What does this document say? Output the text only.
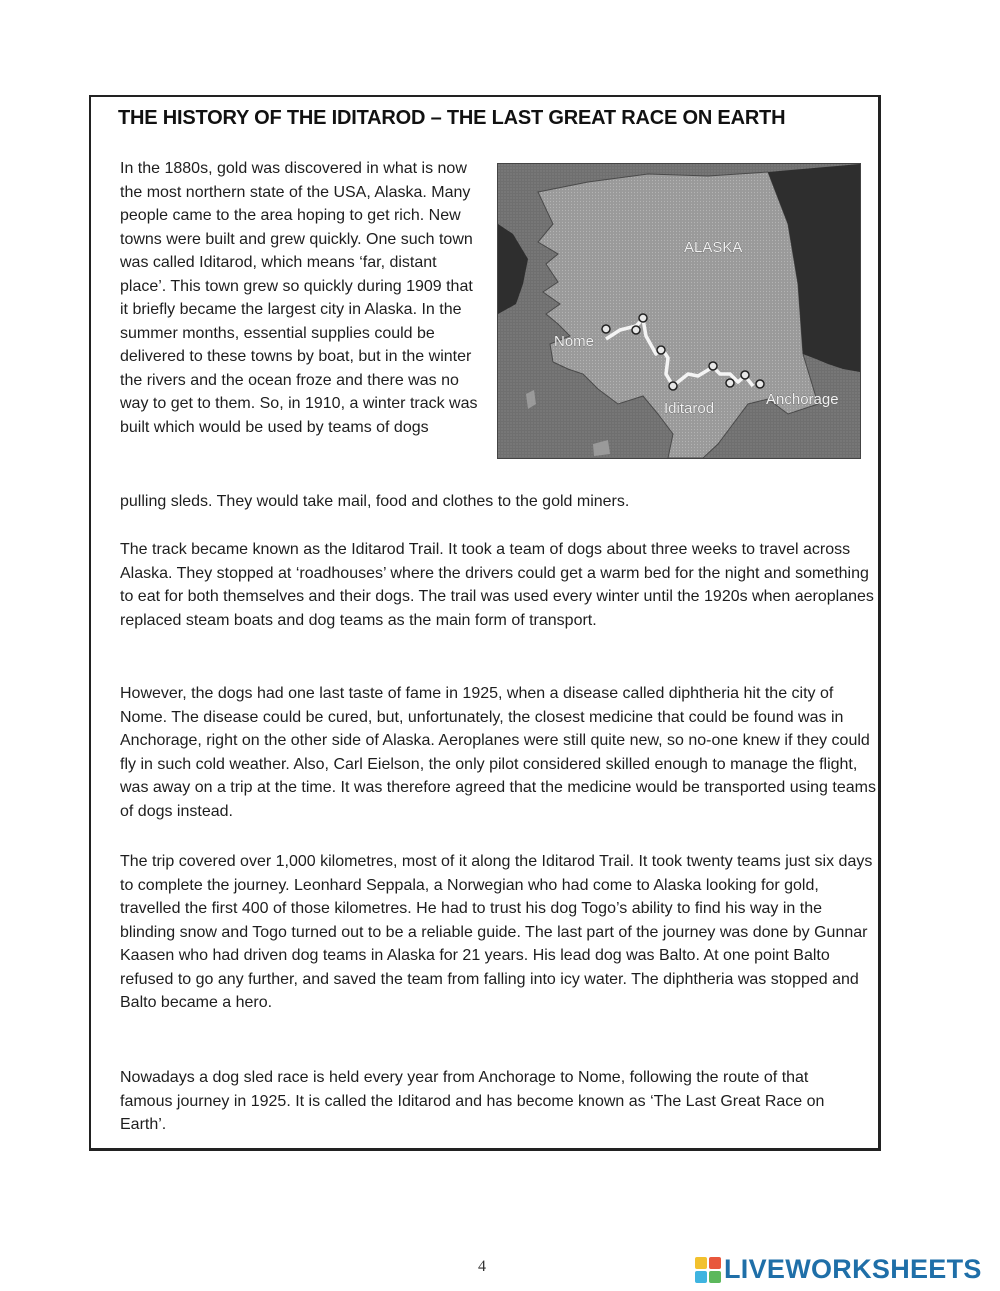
THE HISTORY OF THE IDITAROD – THE LAST GREAT RACE ON EARTH

In the 1880s, gold was discovered in what is now the most northern state of the USA, Alaska. Many people came to the area hoping to get rich. New towns were built and grew quickly. One such town was called Iditarod, which means ‘far, distant place’. This town grew so quickly during 1909 that it briefly became the largest city in Alaska. In the summer months, essential supplies could be delivered to these towns by boat, but in the winter the rivers and the ocean froze and there was no way to get to them. So, in 1910, a winter track was built which would be used by teams of dogs

ALASKA
Nome
Iditarod
Anchorage

pulling sleds. They would take mail, food and clothes to the gold miners.

The track became known as the Iditarod Trail. It took a team of dogs about three weeks to travel across Alaska. They stopped at ‘roadhouses’ where the drivers could get a warm bed for the night and something to eat for both themselves and their dogs. The trail was used every winter until the 1920s when aeroplanes replaced steam boats and dog teams as the main form of transport.

However, the dogs had one last taste of fame in 1925, when a disease called diphtheria hit the city of Nome. The disease could be cured, but, unfortunately, the closest medicine that could be found was in Anchorage, right on the other side of Alaska. Aeroplanes were still quite new, so no-one knew if they could fly in such cold weather. Also, Carl Eielson, the only pilot considered skilled enough to manage the flight, was away on a trip at the time. It was therefore agreed that the medicine would be transported using teams of dogs instead.

The trip covered over 1,000 kilometres, most of it along the Iditarod Trail. It took twenty teams just six days to complete the journey. Leonhard Seppala, a Norwegian who had come to Alaska looking for gold, travelled the first 400 of those kilometres. He had to trust his dog Togo’s ability to find his way in the blinding snow and Togo turned out to be a reliable guide. The last part of the journey was done by Gunnar Kaasen who had driven dog teams in Alaska for 21 years. His lead dog was Balto. At one point Balto refused to go any further, and saved the team from falling into icy water. The diphtheria was stopped and Balto became a hero.

Nowadays a dog sled race is held every year from Anchorage to Nome, following the route of that famous journey in 1925. It is called the Iditarod and has become known as ‘The Last Great Race on Earth’.

4	LIVEWORKSHEETS
